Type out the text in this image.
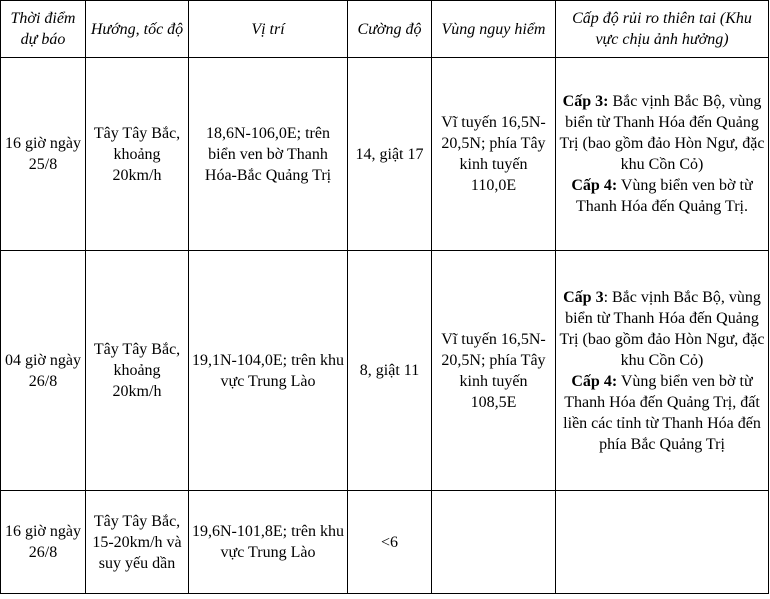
Thời điểm dự báo	Hướng, tốc độ	Vị trí	Cường độ	Vùng nguy hiểm	Cấp độ rủi ro thiên tai (Khu vực chịu ảnh hưởng)
16 giờ ngày 25/8	Tây Tây Bắc, khoảng 20km/h	18,6N-106,0E; trên biển ven bờ Thanh Hóa-Bắc Quảng Trị	14, giật 17	Vĩ tuyến 16,5N-20,5N; phía Tây kinh tuyến 110,0E	Cấp 3: Bắc vịnh Bắc Bộ, vùng biển từ Thanh Hóa đến Quảng Trị (bao gồm đảo Hòn Ngư, đặc khu Cồn Cỏ)
Cấp 4: Vùng biển ven bờ từ Thanh Hóa đến Quảng Trị.

04 giờ ngày 26/8	Tây Tây Bắc, khoảng 20km/h	19,1N-104,0E; trên khu vực Trung Lào	8, giật 11	Vĩ tuyến 16,5N-20,5N; phía Tây kinh tuyến 108,5E	Cấp 3: Bắc vịnh Bắc Bộ, vùng biển từ Thanh Hóa đến Quảng Trị (bao gồm đảo Hòn Ngư, đặc khu Cồn Cỏ)
Cấp 4: Vùng biển ven bờ từ Thanh Hóa đến Quảng Trị, đất liền các tỉnh từ Thanh Hóa đến phía Bắc Quảng Trị

16 giờ ngày 26/8	Tây Tây Bắc, 15-20km/h và suy yếu dần	19,6N-101,8E; trên khu vực Trung Lào	<6		
